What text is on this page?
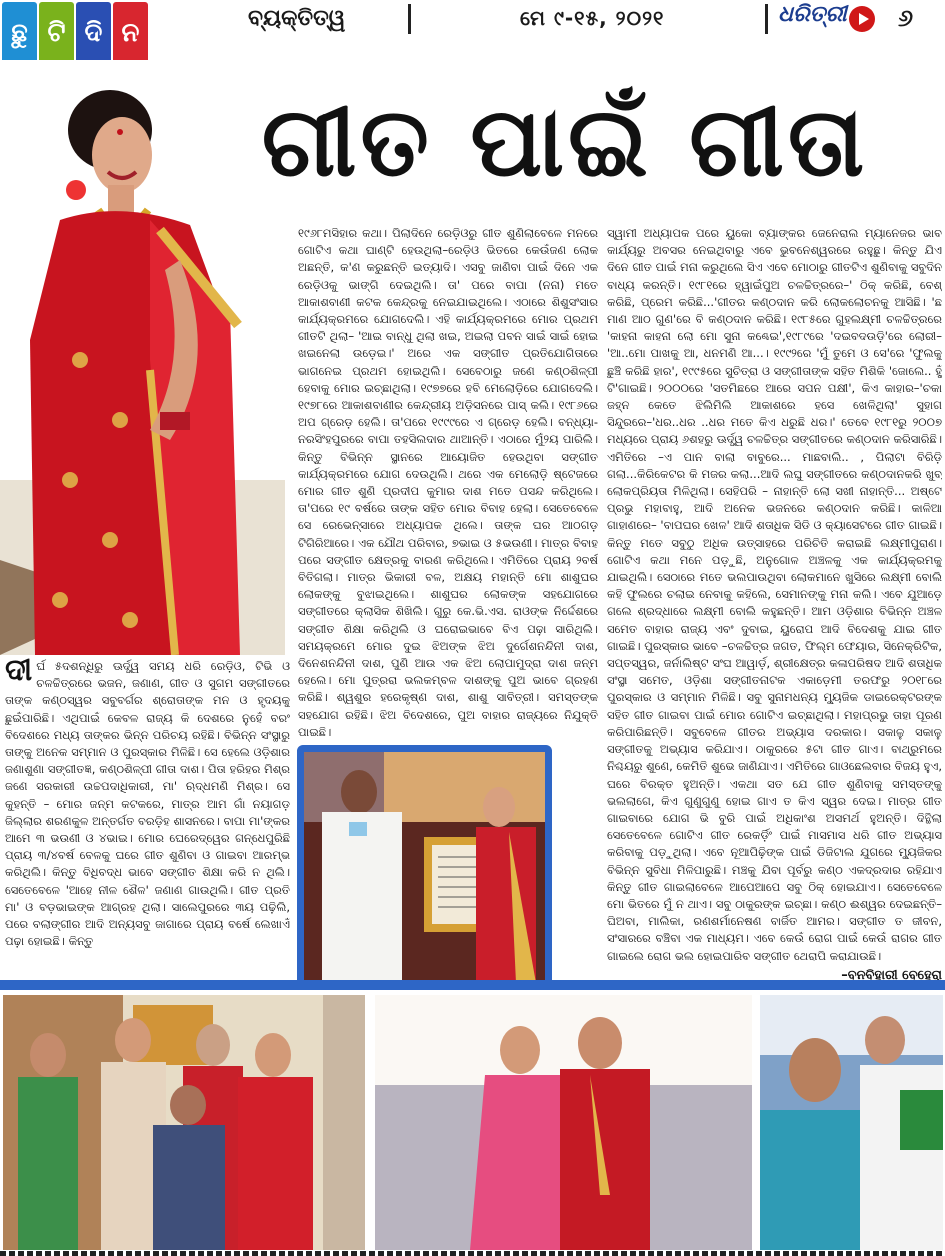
ଛୁ ଟି ଦି ନ	ବ୍ୟକ୍ତିତ୍ୱ	ମେ ୯-୧୫, ୨୦୨୧	ଧରିତ୍ରୀ ୬
ଗୀତ ପାଇଁ ଗୀତା
ଦୀର୍ଘ ୫ଦଶନ୍ଧିରୁ ଊର୍ଦ୍ଧ୍ୱ ସମୟ ଧରି ରେଡ଼ିଓ, ଟିଭି ଓ ଚଳଚ୍ଚିତ୍ରରେ ଭଜନ, ଜଣାଣ, ଗୀତ ଓ ସୁଗମ ସଙ୍ଗୀତରେ ତାଙ୍କ କଣ୍ଠସ୍ୱର ସବୁବର୍ଗର ଶ୍ରୋତାଙ୍କ ମନ ଓ ହୃଦୟକୁ ଛୁଇଁପାରିଛି। ଏଥିପାଇଁ କେବଳ ରାଜ୍ୟ କି ଦେଶରେ ନୁହେଁ ବରଂ ବିଦେଶରେ ମଧ୍ୟ ତାଙ୍କର ଭିନ୍ନ ପରିଚୟ ରହିଛି। ବିଭିନ୍ନ ସଂସ୍ଥାରୁ ତାଙ୍କୁ ଅନେକ ସମ୍ମାନ ଓ ପୁରସ୍କାର ମିଳିଛି। ସେ ହେଲେ ଓଡ଼ିଶାର ଜଣାଶୁଣା ସଙ୍ଗୀତଜ୍ଞ, କଣ୍ଠଶିଳ୍ପୀ ଗୀତା ଦାଶ। ପିତା ହରିହର ମିଶ୍ର ଜଣେ ସରକାରୀ ଉଚ୍ଚପଦାଧିକାରୀ, ମା' ଋଦ୍ଧମଣି ମିଶ୍ର। ସେ କୁହନ୍ତି – ମୋର ଜନ୍ମ କଟକରେ, ମାତ୍ର ଆମ ଗାଁ ନୟାଗଡ଼ ଜିଲ୍ଲାର ଶରଣକୁଳ ଅନ୍ତର୍ଗତ ବରଡ଼ିହ ଶାସନରେ। ବାପା ମା'ଙ୍କର ଆମେ ୩ ଭଉଣୀ ଓ ୪ଭାଇ। ମୋର ଘେରେଦ୍ୱେର ଗନ୍ଧେପୁରିଛି ପ୍ରାୟ ୩/୪ବର୍ଷ ବେଳକୁ ଘରେ ଗୀତ ଶୁଣିବା ଓ ଗାଇବା ଆରମ୍ଭ କରିଥିଲି। କିନ୍ତୁ ବିଧିବଦ୍ଧ ଭାବେ ସଙ୍ଗୀତ ଶିକ୍ଷା କରି ନ ଥିଲି। ସେତେବେଳେ 'ଆହେ ନୀଳ ଶୈଳ' ଜଣାଣ ଗାଉଥିଲି। ଗୀତ ପ୍ରତି ମା' ଓ ବଡ଼ଭାଇଙ୍କ ଆଗ୍ରହ ଥିଲା। ସାଲେପୁରରେ ୩ୟ ପଢ଼ିଲି, ପରେ ବଲାଙ୍ଗୀର ଆଦି ଅନ୍ୟସବୁ ଜାଗାରେ ପ୍ରାୟ ବର୍ଷେ ଲେଖାଏଁ ପଢ଼ା ହୋଇଛି। କିନ୍ତୁ
୧୯୬୮ମସିହାର କଥା। ପିଲାଦିନେ ରେଡ଼ିଓରୁ ଗୀତ ଶୁଣିଲାବେଳେ ମନରେ ଗୋଟିଏ କଥା ଘାଣ୍ଟି ହେଉଥିଲା–ରେଡ଼ିଓ ଭିତରେ କେଉଁଜଣ ଲୋକ ଅଛନ୍ତି, କ'ଣ କରୁଛନ୍ତି ଇତ୍ୟାଦି। ଏସବୁ ଜାଣିବା ପାଇଁ ଦିନେ ଏକ ରେଡ଼ିଓକୁ ଭାଙ୍ଗି ଦେଇଥିଲି। ତା' ପରେ ବାପା (ନନା) ମତେ ଆକାଶବାଣୀ କଟକ କେନ୍ଦ୍ରକୁ ନେଇଯାଇଥିଲେ। ଏଠାରେ ଶିଶୁସଂସାର କାର୍ଯ୍ୟକ୍ରମରେ ଯୋଗଦେଲି। ଏହି କାର୍ଯ୍ୟକ୍ରମରେ ମୋର ପ୍ରଥମ ଗୀତଟି ଥିଲା– 'ଆଇ ବାନ୍ଧୁ ଥିଲା ଖଇ, ଅଇଲା ପବନ ସାଇଁ ସାଇଁ ହୋଇ ଖଇନେଲା ଉଡ଼େଇ।' ଅରେ ଏକ ସଙ୍ଗୀତ ପ୍ରତିଯୋଗିତାରେ ଭାଗନେଇ ପ୍ରଥମ ହୋଇଥିଲି। ସେବେଠାରୁ ଜଣେ କଣ୍ଠଶିଳ୍ପୀ ହେବାକୁ ମୋର ଇଚ୍ଛାଥିଲା। ୧୯୭୭ରେ ହବି ମେଲୋଡ଼ିରେ ଯୋଗଦେଲି। ୧୯୭୮ରେ ଆକାଶବାଣୀର କେନ୍ଦ୍ରୀୟ ଅଡ଼ିସନରେ ପାସ୍ କଲି। ୧୯୮୬ରେ ଅପ ଗ୍ରେଡ଼ ହେଲି। ତା'ପରେ ୧୯୯୯ରେ ଏ ଗ୍ରେଡ଼ ହେଲି। ବନ୍ଧ୍ୟା-ନରସିଂହପୁରରେ ବାପା ତହସିଲଦାର ଥାଆନ୍ତି। ଏଠାରେ ମୁଁ୨ୟ ପାରିଲି। କିନ୍ତୁ ବିଭିନ୍ନ ସ୍ଥାନରେ ଆୟୋଜିତ ହେଉଥିବା ସଙ୍ଗୀତ କାର୍ଯ୍ୟକ୍ରମରେ ଯୋଗ ଦେଉଥିଲି। ଥରେ ଏକ ମେଲୋଡ଼ି ଷ୍ଟେଜରେ ମୋର ଗୀତ ଶୁଣି ପ୍ରଦୀପ କୁମାର ଦାଶ ମତେ ପସନ୍ଦ କରିଥିଲେ। ତା'ପରେ ୧୯ ବର୍ଷରେ ତାଙ୍କ ସହିତ ମୋର ବିବାହ ହେଲା। ସେତେବେଳେ ସେ ରେଭେନ୍ସାରେ ଅଧ୍ୟାପକ ଥିଲେ। ତାଙ୍କ ଘର ଆଠଗଡ଼ ଟିଗିରିଆରେ। ଏକ ଯୌଥ ପରିବାର, ୭ଭାଇ ଓ ୫ଭଉଣୀ। ମାତ୍ର ବିବାହ ପରେ ସଙ୍ଗୀତ କ୍ଷେତ୍ରକୁ ବାରଣ କରିଥିଲେ। ଏମିତିରେ ପ୍ରାୟ ୨ବର୍ଷ ବିତିଗଲା। ମାତ୍ର ଭିକାରୀ ବଳ, ଅକ୍ଷୟ ମହାନ୍ତି ମୋ ଶାଶୁଘର ଲୋକଙ୍କୁ ବୁଝାଇଥିଲେ। ଶାଶୁଘର ଲୋକଙ୍କ ସହଯୋଗରେ ସଙ୍ଗୀତରେ କ୍ଲାସିକ ଶିଖିଲି। ଗୁରୁ କେ.ଭି.ଏସ. ରାଓଙ୍କ ନିର୍ଦ୍ଦେଶରେ ସଙ୍ଗୀତ ଶିକ୍ଷା କରିଥିଲି ଓ ଘରୋଇଭାବେ ବିଏ ପଢ଼ା ସାରିଥିଲି। ସମୟକ୍ରମେ ମୋର ଦୁଇ ଝିଅଙ୍କ ଝିଅ ଦୁର୍ଗେଶନନ୍ଦିନୀ ଦାଶ, ଦିନେଶନନ୍ଦିନୀ ଦାଶ, ପୁଣି ଆଉ ଏକ ଝିଅ ଲୋପାମୁଦ୍ରା ଦାଶ ଜନ୍ମ ହେଲେ। ମୋ ପୁତ୍ରରା ଭଲକମ୍ବଳ ଦାଶଙ୍କୁ ପୁଅ ଭାବେ ଗ୍ରହଣ କରିଛି। ଶ୍ୱଶୁର ହରେକୃଷ୍ଣ ଦାଶ, ଶାଶୁ ସାବିତ୍ରୀ। ସମସ୍ତଙ୍କ ସହଯୋଗ ରହିଛି। ଝିଅ ବିଦେଶରେ, ପୁଅ ବାହାର ରାଜ୍ୟରେ ନିଯୁକ୍ତି ପାଇଛି।
ସ୍ୱାମୀ ଅଧ୍ୟାପକ ପରେ ୟୁକୋ ବ୍ୟାଙ୍କର ଜେନେରାଲ ମ୍ୟାନେଜର ଭାବ କାର୍ଯ୍ୟରୁ ଅବସର ନେଇଥିବାରୁ ଏବେ ଭୁବନେଶ୍ୱରରେ ରହୁଛୁ। କିନ୍ତୁ ଯିଏ ଦିନେ ଗୀତ ପାଇଁ ମନା କରୁଥିଲେ ସିଏ ଏବେ ମୋଠାରୁ ଗୀତଟିଏ ଶୁଣିବାକୁ ସବୁଦିନ ବାଧ୍ୟ କରନ୍ତି। ୧୯୮୧ରେ ହ୍ୱାଇଁପୁଅ ଚଳଚ୍ଚିତ୍ରରେ–' ଠିକ୍ କରିଛି, ବେଶ୍ କରିଛି, ପ୍ରେମ କରିଛି...'ଗୀତର କଣ୍ଠଦାନ କରି ଲୋକଲୋଚନକୁ ଆସିଛି। 'ଛ ମାଣ ଆଠ ଗୁଣ'ରେ ବି କଣ୍ଠଦାନ କରିଛି। ୧୯୮୫ରେ ଗୁହଲକ୍ଷ୍ମୀ ଚଳଚ୍ଚିତ୍ରରେ 'କାହନା କାହନା ଲୋ ମୋ ସୁନା କଣ୍ଢେଇ',୧୯୮୯ରେ 'ଦଇବଦଉଡ଼ି'ରେ ଲୋରୀ– 'ଆ..ମୋ ପାଖକୁ ଆ, ଧନମଣି ଆ...। ୧୯୯୨ରେ 'ମୁଁ ତୁମେ ଓ ସେ'ରେ 'ଫୁଲକୁ ଛୁଞ୍ଚି କରିଛି ହାର', ୧୯୯୫ରେ ସୁଚିତ୍ରା ଓ ସଙ୍ଗୀତାଙ୍କ ସହିତ ମିଶିକି 'ଜୋଲେ.. ହୁଁ ଟି'ଗାଇଛି। ୨୦୦୦ରେ 'ସତମିଛରେ ଆରେ ସପନ ପକ୍ଷୀ', କିଏ କାହାର–'ଚକା ଜହ୍ନ କେତେ ଝିଲିମିଲି ଆକାଶରେ ହସେ ଖେଳିଥିଲା' ସୁହାଗ ସିନ୍ଦୁରରେ–'ଧର..ଧର ..ଧର ମତେ କିଏ ଧରୁଛି ଧର।' ତେବେ ୧୯୮୧ରୁ ୨୦୦୭ ମଧ୍ୟରେ ପ୍ରାୟ ୬ଶହରୁ ଊର୍ଦ୍ଧ୍ୱ ଚଳଚ୍ଚିତ୍ର ସଙ୍ଗୀତରେ କଣ୍ଠଦାନ କରିସାରିଛି। ଏମିତିରେ –ଏ ପାନ ବାଲା ବାବୁରେ... ମାଛବାଲି.. , ପିଲାଟା ବିରିଡ଼ି ଗଲା...କିରିକେଟର କି ମଜର କଲା...ଆଦି ଲଘୁ ସଙ୍ଗୀତରେ କଣ୍ଠଦାନକରି ଖୁବ୍ ଲୋକପ୍ରିୟତା ମିଳିଥିଲା। ସେହିପରି – ନାହାନ୍ତି ଲୋ ସଖୀ ନାହାନ୍ତି... ଅଷ୍ଟେ ପ୍ରଭୁ ମହାବାହୁ, ଆଦି ଅନେକ ଭଜନରେ କଣ୍ଠଦାନ କରିଛି। କାଳିଆ ଗାହାଣରେ– 'ବାପଘର ଖେଳ' ଆଦି ଶତାଧିକ ସିଡି ଓ କ୍ୟାସେଟରେ ଗୀତ ଗାଇଛି। କିନ୍ତୁ ମତେ ସବୁଠୁ ଅଧିକ ଉତ୍ସାହରେ ପରିଚିତି କରାଇଛି ଲକ୍ଷ୍ମୀପୁରାଣ। ଗୋଟିଏ କଥା ମନେ ପଡ଼ୁଛି, ଅନୁଗୋଳ ଅଞ୍ଚଳକୁ ଏକ କାର୍ଯ୍ୟକ୍ରମକୁ ଯାଇଥିଲି। ସେଠାରେ ମତେ ଭଲପାଉଥିବା ଲୋକମାନେ ଖୁସିରେ ଲକ୍ଷ୍ମୀ ବୋଲି କହି ଫୁଲରେ ଚଲାଇ ନେବାକୁ କହିଲେ, ସେମାନଙ୍କୁ ମନା କଲି। ଏବେ ଯୁଆଡ଼େ ଗଲେ ଶ୍ରଦ୍ଧାରେ ଲକ୍ଷ୍ମୀ ବୋଲି କହୁଛନ୍ତି। ଆମ ଓଡ଼ିଶାର ବିଭିନ୍ନ ଅଞ୍ଚଳ ସମେତ ବାହାର ରାଜ୍ୟ ଏବଂ ଦୁବାଇ, ୟୁରୋପ ଆଦି ବିଦେଶକୁ ଯାଇ ଗୀତ ଗାଇଛି। ପୁରସ୍କାର ଭାବେ –ଚଳଚ୍ଚିତ୍ର ଜଗତ, ଫିଲ୍ମ ଫେୟାର, ସିନେକ୍ରିଟିକ, ସପ୍ତସ୍ୱର, ଜର୍ନାଲିଷ୍ଟ ସଂଘ ଆୱାର୍ଡ଼, ଶ୍ରୀକ୍ଷେତ୍ର କଳାପରିଷଦ ଆଦି ଶତାଧିକ ସଂସ୍ଥା ସମେତ, ଓଡ଼ିଶା ସଙ୍ଗୀତନାଟକ ଏକାଡ଼େମୀ ତରଫରୁ ୨୦୧୮ରେ ପୁରସ୍କାର ଓ ସମ୍ମାନ ମିଳିଛି। ସବୁ ସୁନାମଧନ୍ୟ ମ୍ୟୁଜିକ ଡାଇରେକ୍ଟରଙ୍କ ସହିତ ଗୀତ ଗାଇବା ପାଇଁ ମୋର ଗୋଟିଏ ଇଚ୍ଛାଥିଲା। ମହାପ୍ରଭୁ ତାହା ପୂରଣ କରିପାରିଛନ୍ତି। ସବୁବେଳେ ଗୀତର ଅଭ୍ୟାସ ଦରକାର। ସକାଳୁ ସକାଳୁ ସଙ୍ଗୀତକୁ ଅଭ୍ୟାସ କରିଯାଏ। ଠାକୁରରେ ୫ଟା ଗୀତ ଗାଏ। ବାଥ୍ରୁମରେ ନିଶ୍ଚୟରୁ ଶୁଣେ, କେମିତି ଶୁଭେ ଜାଣିଯାଏ। ଏମିତିରେ ଗାଓଛେଲବାର ବିଜୟ ହୁଏ, ଘରେ ବିରକ୍ତ ହୁଅନ୍ତି। ଏକଥା ସତ ଯେ ଗୀତ ଶୁଣିବାକୁ ସମସ୍ତଙ୍କୁ ଭଲଲାଗେ, କିଏ ଗୁଣୁଗୁଣୁ ହୋଇ ଗାଏ ତ କିଏ ସ୍ୱର ଦେଇ। ମାତ୍ର ଗୀତ ଗାଇବାରେ ଯୋଗ ଭି ବୁରି ପାଇଁ ଅଧିକାଂଶ ଅସମର୍ଥ ହୁଅନ୍ତି। ଦିନ୍ଥିଲା ସେତେବେଳେ ଗୋଟିଏ ଗୀତ ରେକର୍ଡ଼ିଂ ପାଇଁ ମାସମାସ ଧରି ଗୀତ ଅଭ୍ୟାସ କରିବାକୁ ପଡ଼ୁଥିଲା। ଏବେ ନୂଆପିଢ଼ିଙ୍କ ପାଇଁ ଡିଜିଟାଲ ଯୁଗରେ ମ୍ୟୁଜିକର ବିଭିନ୍ନ ସୁବିଧା ମିଳିପାରୁଛି। ମଞ୍ଚକୁ ଯିବା ପୂର୍ବରୁ କଣ୍ଠ ଏକଦ୍ରଦାର ରହିଯାଏ କିନ୍ତୁ ଗୀତ ଗାଇଲାବେଳେ ଆପେଆପେ ସବୁ ଠିକ୍ ହୋଇଯାଏ। ସେତେବେଳେ ମୋ ଭିତରେ ମୁଁ ନ ଥାଏ। ସବୁ ଠାକୁରଙ୍କ ଇଚ୍ଛା। କଣ୍ଠ ଈଶ୍ୱର ଦେଇଛନ୍ତି– ଘିଅବା, ମାଲିକା, ରଣଶର୍ମାନେଷଣ ବାର୍ଜିତ ଆମର। ସଙ୍ଗୀତ ତ ଜୀବନ, ସଂସାରରେ ବଞ୍ଚିବା ଏକ ମାଧ୍ୟମ। ଏବେ କେଉଁ ରୋଗ ପାଇଁ କେଉଁ ରାଗର ଗୀତ ଗାଇଲେ ରୋଗ ଭଲ ହୋଇପାରିବ ସଙ୍ଗୀତ ଥେରାପି କରାଯାଉଛି।
–ବନବିହାରୀ ବେହେରା
